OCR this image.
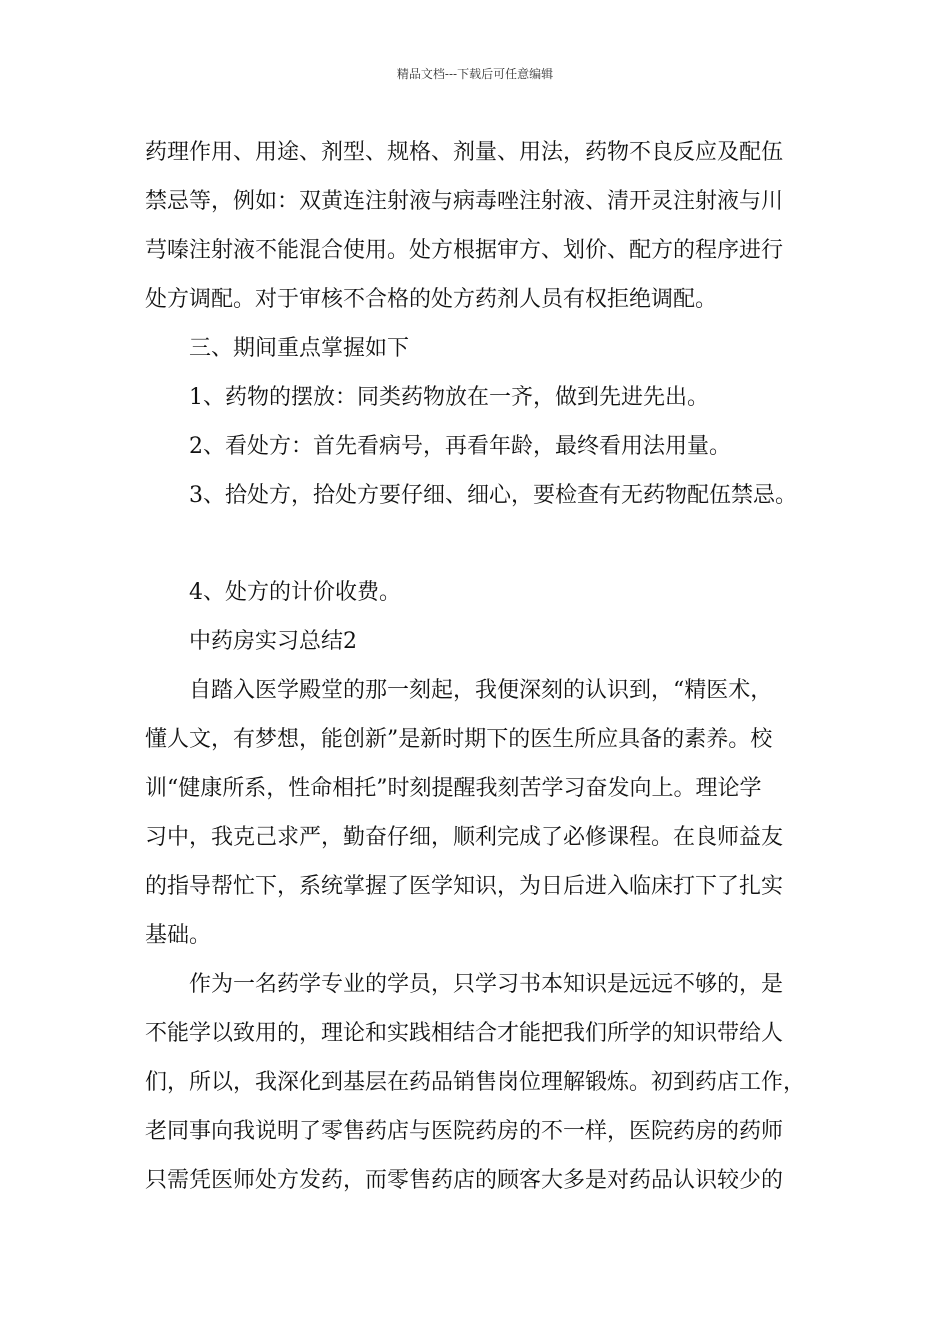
精品文档---下载后可任意编辑
药理作用、用途、剂型、规格、剂量、用法，药物不良反应及配伍
禁忌等，例如：双黄连注射液与病毒唑注射液、清开灵注射液与川
芎嗪注射液不能混合使用。处方根据审方、划价、配方的程序进行
处方调配。对于审核不合格的处方药剂人员有权拒绝调配。
三、期间重点掌握如下
1、药物的摆放：同类药物放在一齐，做到先进先出。
2、看处方：首先看病号，再看年龄，最终看用法用量。
3、拾处方，拾处方要仔细、细心，要检查有无药物配伍禁忌。
4、处方的计价收费。
中药房实习总结2
自踏入医学殿堂的那一刻起，我便深刻的认识到，“精医术，
懂人文，有梦想，能创新”是新时期下的医生所应具备的素养。校
训“健康所系，性命相托”时刻提醒我刻苦学习奋发向上。理论学
习中，我克己求严，勤奋仔细，顺利完成了必修课程。在良师益友
的指导帮忙下，系统掌握了医学知识，为日后进入临床打下了扎实
基础。
作为一名药学专业的学员，只学习书本知识是远远不够的，是
不能学以致用的，理论和实践相结合才能把我们所学的知识带给人
们，所以，我深化到基层在药品销售岗位理解锻炼。初到药店工作，
老同事向我说明了零售药店与医院药房的不一样，医院药房的药师
只需凭医师处方发药，而零售药店的顾客大多是对药品认识较少的
